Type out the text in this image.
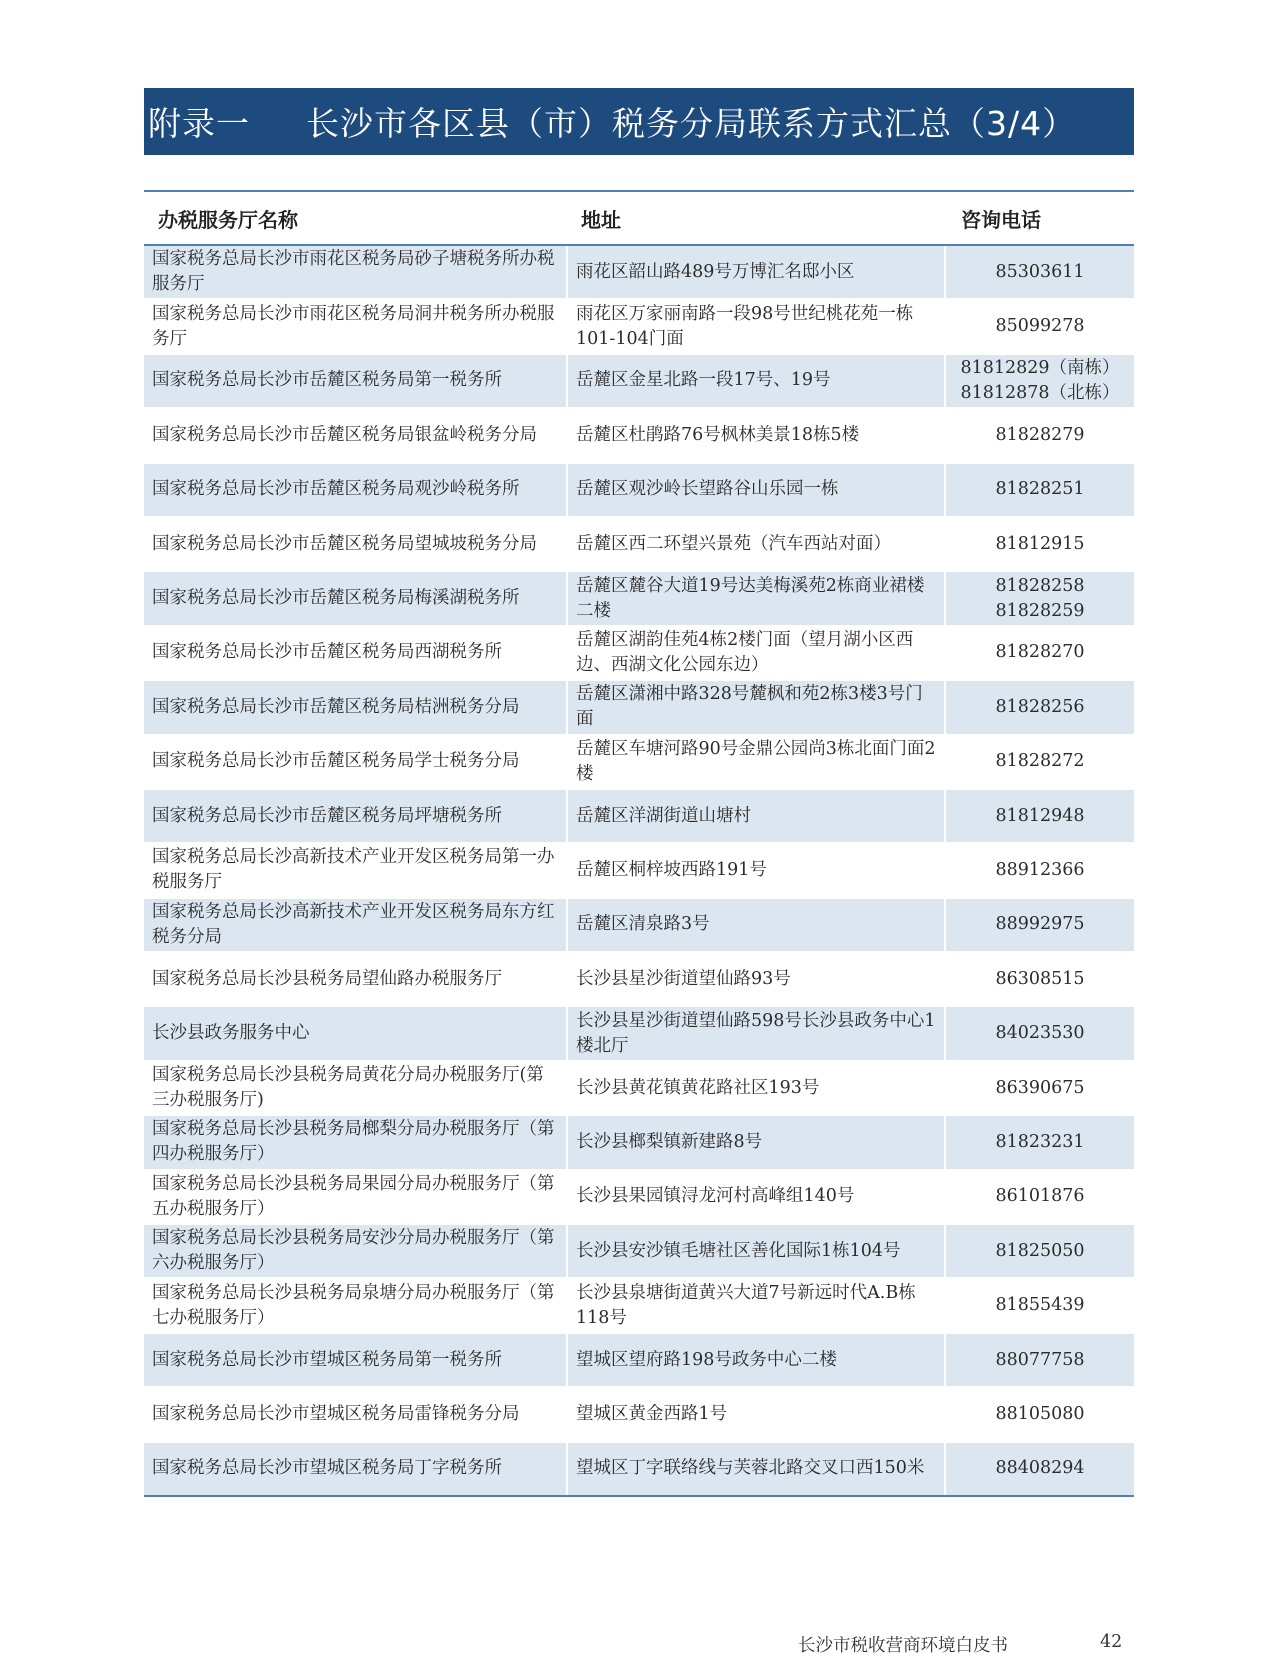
附录一	长沙市各区县（市）税务分局联系方式汇总（3/4）
办税服务厅名称	地址	咨询电话
国家税务总局长沙市雨花区税务局砂子塘税务所办税服务厅	雨花区韶山路489号万博汇名邸小区	85303611

国家税务总局长沙市雨花区税务局洞井税务所办税服务厅	雨花区万家丽南路一段98号世纪桃花苑一栋101-104门面	85099278

国家税务总局长沙市岳麓区税务局第一税务所	岳麓区金星北路一段17号、19号	81812829（南栋）
81812878（北栋）

国家税务总局长沙市岳麓区税务局银盆岭税务分局	岳麓区杜鹃路76号枫林美景18栋5楼	81828279

国家税务总局长沙市岳麓区税务局观沙岭税务所	岳麓区观沙岭长望路谷山乐园一栋	81828251

国家税务总局长沙市岳麓区税务局望城坡税务分局	岳麓区西二环望兴景苑（汽车西站对面）	81812915

国家税务总局长沙市岳麓区税务局梅溪湖税务所	岳麓区麓谷大道19号达美梅溪苑2栋商业裙楼二楼	81828258
81828259

国家税务总局长沙市岳麓区税务局西湖税务所	岳麓区湖韵佳苑4栋2楼门面（望月湖小区西边、西湖文化公园东边）	81828270

国家税务总局长沙市岳麓区税务局桔洲税务分局	岳麓区潇湘中路328号麓枫和苑2栋3楼3号门面	81828256

国家税务总局长沙市岳麓区税务局学士税务分局	岳麓区车塘河路90号金鼎公园尚3栋北面门面2楼	81828272

国家税务总局长沙市岳麓区税务局坪塘税务所	岳麓区洋湖街道山塘村	81812948

国家税务总局长沙高新技术产业开发区税务局第一办税服务厅	岳麓区桐梓坡西路191号	88912366

国家税务总局长沙高新技术产业开发区税务局东方红税务分局	岳麓区清泉路3号	88992975

国家税务总局长沙县税务局望仙路办税服务厅	长沙县星沙街道望仙路93号	86308515

长沙县政务服务中心	长沙县星沙街道望仙路598号长沙县政务中心1楼北厅	84023530

国家税务总局长沙县税务局黄花分局办税服务厅(第三办税服务厅)	长沙县黄花镇黄花路社区193号	86390675

国家税务总局长沙县税务局榔梨分局办税服务厅（第四办税服务厅）	长沙县榔梨镇新建路8号	81823231

国家税务总局长沙县税务局果园分局办税服务厅（第五办税服务厅）	长沙县果园镇浔龙河村高峰组140号	86101876

国家税务总局长沙县税务局安沙分局办税服务厅（第六办税服务厅）	长沙县安沙镇毛塘社区善化国际1栋104号	81825050

国家税务总局长沙县税务局泉塘分局办税服务厅（第七办税服务厅）	长沙县泉塘街道黄兴大道7号新远时代A.B栋118号	81855439

国家税务总局长沙市望城区税务局第一税务所	望城区望府路198号政务中心二楼	88077758

国家税务总局长沙市望城区税务局雷锋税务分局	望城区黄金西路1号	88105080

国家税务总局长沙市望城区税务局丁字税务所	望城区丁字联络线与芙蓉北路交叉口西150米	88408294
长沙市税收营商环境白皮书	42
